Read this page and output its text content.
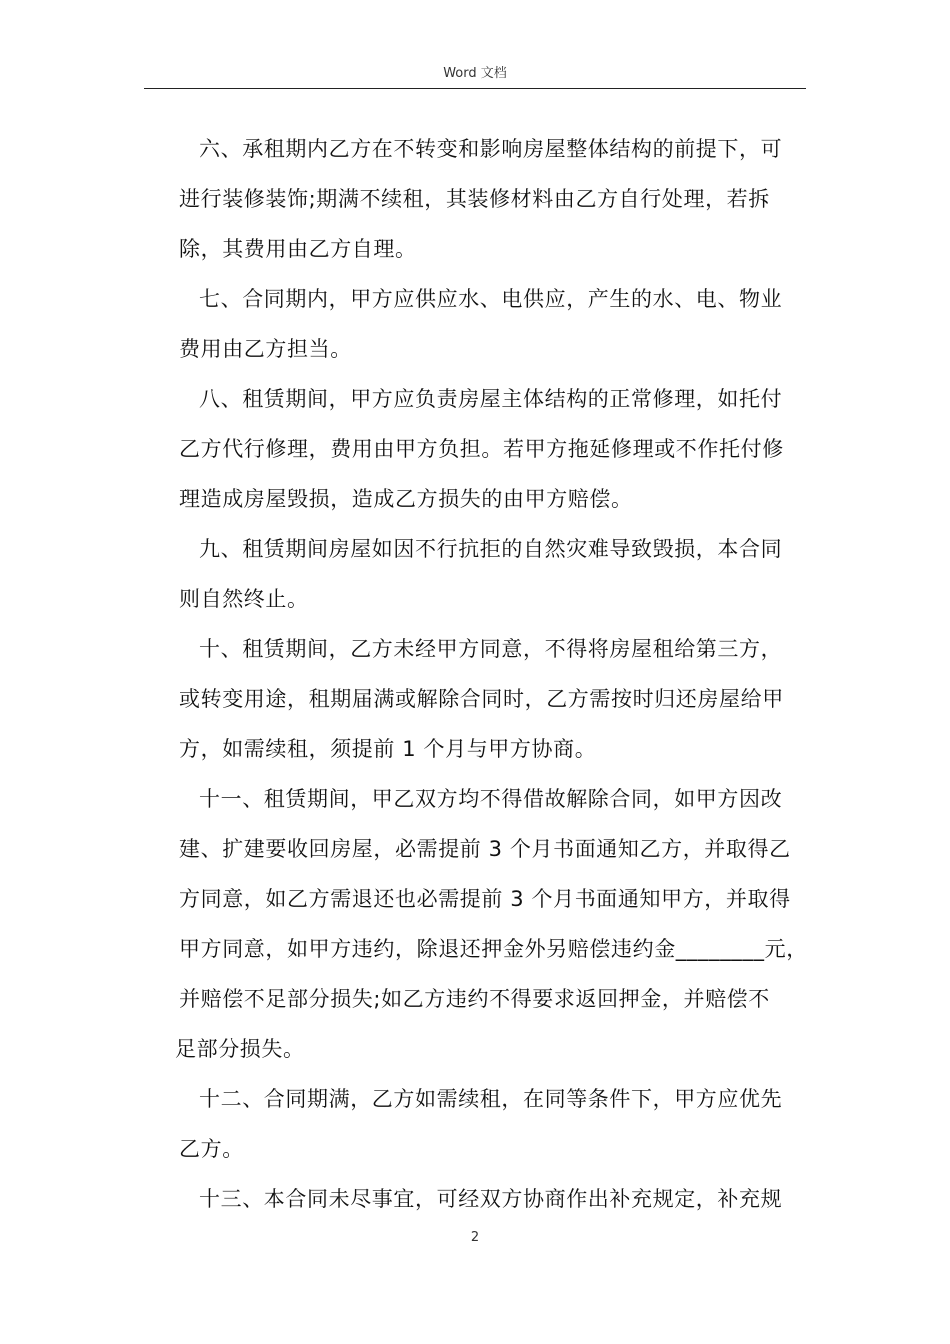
Word 文档

六、承租期内乙方在不转变和影响房屋整体结构的前提下，可
进行装修装饰;期满不续租，其装修材料由乙方自行处理，若拆
除，其费用由乙方自理。

七、合同期内，甲方应供应水、电供应，产生的水、电、物业
费用由乙方担当。

八、租赁期间，甲方应负责房屋主体结构的正常修理，如托付
乙方代行修理，费用由甲方负担。若甲方拖延修理或不作托付修
理造成房屋毁损，造成乙方损失的由甲方赔偿。

九、租赁期间房屋如因不行抗拒的自然灾难导致毁损，本合同
则自然终止。

十、租赁期间，乙方未经甲方同意，不得将房屋租给第三方，
或转变用途，租期届满或解除合同时，乙方需按时归还房屋给甲
方，如需续租，须提前 1 个月与甲方协商。

十一、租赁期间，甲乙双方均不得借故解除合同，如甲方因改
建、扩建要收回房屋，必需提前 3 个月书面通知乙方，并取得乙
方同意，如乙方需退还也必需提前 3 个月书面通知甲方，并取得
甲方同意，如甲方违约，除退还押金外另赔偿违约金________元，
并赔偿不足部分损失;如乙方违约不得要求返回押金，并赔偿不
足部分损失。

十二、合同期满，乙方如需续租，在同等条件下，甲方应优先
乙方。

十三、本合同未尽事宜，可经双方协商作出补充规定，补充规

2
